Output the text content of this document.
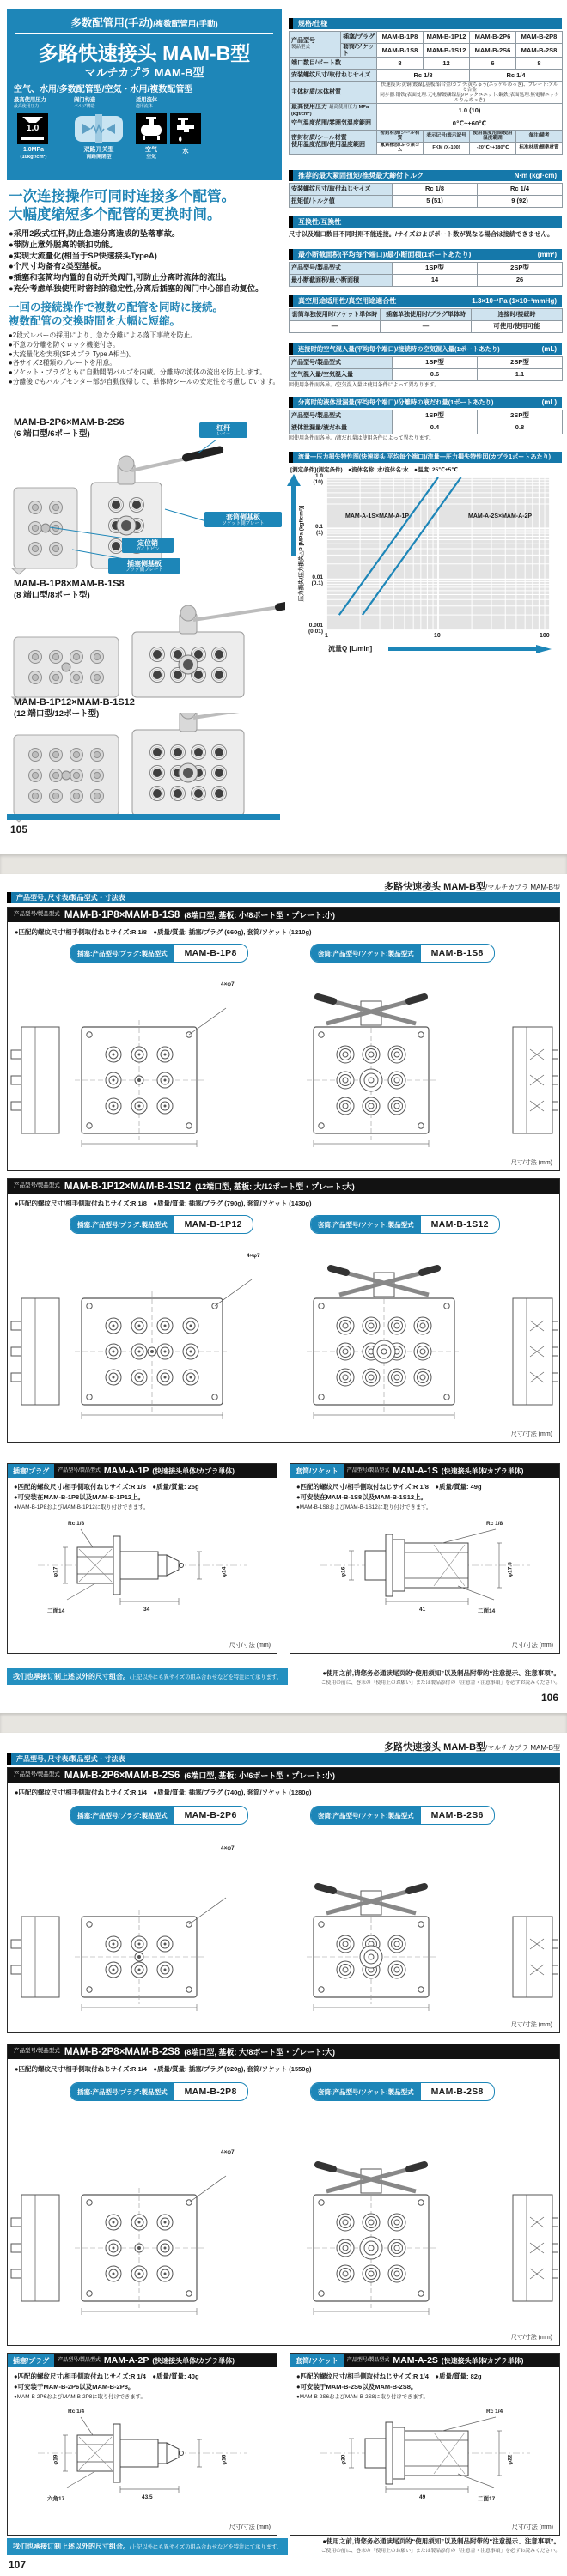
多数配管用(手动)/複数配管用(手動)
多路快速接头 MAM-B型
マルチカプラ MAM-B型
空气、水用/多数配管型/空気・水用/複数配管型
最高使用压力
最高使用圧力
1.0
1.0MPa
(10kgf/cm²)
阀门构造
バルブ構造
双路开关型
両路開閉型
适用流体
適用流体
空气
空気
水
一次连接操作可同时连接多个配管。
大幅度缩短多个配管的更换时间。
●采用2段式杠杆,防止急速分离造成的坠落事故。
●带防止意外脱离的锁扣功能。
●实现大流量化(相当于SP快速接头TypeA)
●个尺寸均备有2类型基板。
●插塞和套筒均内置的自动开关阀门,可防止分离时流体的流出。
●充分考虑单独使用时密封的稳定性,分离后插塞的阀门中心部自动复位。
一回の接続操作で複数の配管を同時に接続。
複数配管の交換時間を大幅に短縮。
●2段式レバーの採用により、急な分離による落下事故を防止。
●不意の分離を防ぐロック機能付き。
●大流量化を実現(SPカプラ Type A相当)。
●各サイズ2種類のプレートを用意。
●ソケット・プラグともに自動開閉バルブを内蔵。分離時の流体の流出を防止します。
●分離後でもバルブセンター部が自動復帰して、単体時シールの安定性を考慮しています。
MAM-B-2P6×MAM-B-2S6
(6 端口型/6ポート型)
MAM-B-1P8×MAM-B-1S8
(8 端口型/8ポート型)
MAM-B-1P12×MAM-B-1S12
(12 端口型/12ポート型)
杠杆
レバー
套筒侧基板
ソケット側プレート
定位销
ガイドピン
插塞侧基板
プラグ側プレート
105
规格/仕様
产品型号
製品型式	插塞/プラグ	MAM-B-1P8	MAM-B-1P12	MAM-B-2P6	MAM-B-2P8
	套筒/ソケット	MAM-B-1S8	MAM-B-1S12	MAM-B-2S6	MAM-B-2S8
端口数目/ポート数		8	12	6	8
安装螺纹尺寸/取付ねじサイズ		Rc 1/8		Rc 1/4	
主体材质/本体材質		快速接头:黄铜(镀镍),基板:铝合金/カプラ:黄ちゅう(ニッケルめっき)、プレート:アルミ合金
同步器:钢铁(表面处理:无电解镀磷镍层)/ロックユニット:鋼鉄(表面処理:無電解ニッケルりんめっき)			
最高使用压力 最高使用圧力 MPa (kgf/cm²)		1.0 (10)			
空气温度范围/雰囲気温度範囲		0℃~+60℃			
密封材质/シール材質
使用温度范围/使用温度範囲		密封材质/シール材質	表示记号/表示記号	使用温度范围/使用温度範囲	备注/備考
		氟素橡胶/ふっ素ゴム	FKM (X-100)	-20℃~+180℃	标准材质/標準材質
推荐的最大紧固扭矩/推奨最大締付トルク	N·m (kgf·cm)
安装螺纹尺寸/取付ねじサイズ	Rc 1/8	Rc 1/4
扭矩值/トルク値	5 (51)	9 (92)
互换性/互換性
尺寸以及端口数目不同时则不能连接。/サイズおよびポート数が異なる場合は接続できません。
最小断截面积(平均每个端口)/最小断面積(1ポートあたり)	(mm²)
产品型号/製品型式	1SP型	2SP型
最小断截面积/最小断面積	14	26
真空用途适用性/真空用途適合性	1.3×10⁻¹Pa (1×10⁻³mmHg)
套筒单独使用时/ソケット単体時	插塞单独使用时/プラグ単体時	连接时/接続時
―	―	可使用/使用可能
连接时的空气混入量(平均每个端口)/接続時の空気混入量(1ポートあたり)	(mL)
产品型号/製品型式	1SP型	2SP型
空气混入量/空気混入量	0.6	1.1
因使用条件而各异。/空気混入量は使用条件によって異なります。
分离时的液体泄漏量(平均每个端口)/分離時の液だれ量(1ポートあたり)	(mL)
产品型号/製品型式	1SP型	2SP型
液体泄漏量/液だれ量	0.4	0.8
因使用条件而各异。/液だれ量は使用条件によって異なります。
流量—压力损失特性图(快速接头 平均每个端口)/流量—圧力損失特性図(カプラ1ポートあたり)
[测定条件](測定条件)　●流体名称: 水/流体名:水　●温度: 25℃±5℃
压力损失/圧力損失△P [MPa (kgf/cm²)]
1.0
(10)
0.1
(1)
0.01
(0.1)
0.001
(0.01)
MAM-A-1S×MAM-A-1P	MAM-A-2S×MAM-A-2P
1	10	100
流量Q [L/min]
多路快速接头 MAM-B型/マルチカプラ MAM-B型
产品型号, 尺寸表/製品型式・寸法表
产品型号/製品型式 MAM-B-1P8×MAM-B-1S8 (8端口型, 基板: 小/8ポート型・プレート:小)
●匹配的螺纹尺寸/相手側取付ねじサイズ:R 1/8　●质量/質量: 插塞/プラグ (660g), 套筒/ソケット (1210g)
插塞:产品型号/プラグ:製品型式	MAM-B-1P8	套筒:产品型号/ソケット:製品型式	MAM-B-1S8
4×φ7
尺寸/寸法 (mm)
产品型号/製品型式 MAM-B-1P12×MAM-B-1S12 (12端口型, 基板: 大/12ポート型・プレート:大)
●匹配的螺纹尺寸/相手側取付ねじサイズ:R 1/8　●质量/質量: 插塞/プラグ (790g), 套筒/ソケット (1430g)
插塞:产品型号/プラグ:製品型式	MAM-B-1P12	套筒:产品型号/ソケット:製品型式	MAM-B-1S12
4×φ7
尺寸/寸法 (mm)
插塞/プラグ	产品型号/製品型式 MAM-A-1P (快速接头单体/カプラ単体)
●匹配的螺纹尺寸/相手側取付ねじサイズ:R 1/8　●质量/質量: 25g
●可安装在MAM-B-1P8以及MAM-B-1P12上。
●MAM-B-1P8およびMAM-B-1P12に取り付けできます。
Rc 1/8
φ17	φ14
二面14	34
尺寸/寸法 (mm)
套筒/ソケット	产品型号/製品型式 MAM-A-1S (快速接头单体/カプラ単体)
●匹配的螺纹尺寸/相手側取付ねじサイズ:R 1/8　●质量/質量: 49g
●可安装在MAM-B-1S8以及MAM-B-1S12上。
●MAM-B-1S8およびMAM-B-1S12に取り付けできます。
Rc 1/8
φ16	φ17.5
41	二面14
尺寸/寸法 (mm)
我们也承接订制上述以外的尺寸组合。/上記以外にも異サイズの組み合わせなどを特注にて承ります。
●使用之前,请您务必通读尾页的“使用须知”以及制品附带的“注意提示、注意事项”。
ご使用の前に、巻末の「使用上のお願い」または製品添付の「注意書・注意事項」を必ずお読みください。
106
多路快速接头 MAM-B型/マルチカプラ MAM-B型
产品型号, 尺寸表/製品型式・寸法表
产品型号/製品型式 MAM-B-2P6×MAM-B-2S6 (6端口型, 基板: 小/6ポート型・プレート:小)
●匹配的螺纹尺寸/相手側取付ねじサイズ:R 1/4　●质量/質量: 插塞/プラグ (740g), 套筒/ソケット (1280g)
插塞:产品型号/プラグ:製品型式	MAM-B-2P6	套筒:产品型号/ソケット:製品型式	MAM-B-2S6
4×φ7
尺寸/寸法 (mm)
产品型号/製品型式 MAM-B-2P8×MAM-B-2S8 (8端口型, 基板: 大/8ポート型・プレート:大)
●匹配的螺纹尺寸/相手側取付ねじサイズ:R 1/4　●质量/質量: 插塞/プラグ (920g), 套筒/ソケット (1550g)
插塞:产品型号/プラグ:製品型式	MAM-B-2P8	套筒:产品型号/ソケット:製品型式	MAM-B-2S8
4×φ7
尺寸/寸法 (mm)
插塞/プラグ	产品型号/製品型式 MAM-A-2P (快速接头单体/カプラ単体)
●匹配的螺纹尺寸/相手側取付ねじサイズ:R 1/4　●质量/質量: 40g
●可安装于MAM-B-2P6以及MAM-B-2P8。
●MAM-B-2P6およびMAM-B-2P8に取り付けできます。
Rc 1/4
φ19	φ16
六角17	43.5
尺寸/寸法 (mm)
套筒/ソケット	产品型号/製品型式 MAM-A-2S (快速接头单体/カプラ単体)
●匹配的螺纹尺寸/相手側取付ねじサイズ:R 1/4　●质量/質量: 82g
●可安装于MAM-B-2S6以及MAM-B-2S8。
●MAM-B-2S6およびMAM-B-2S8に取り付けできます。
Rc 1/4
φ20	φ22
49	二面17
尺寸/寸法 (mm)
我们也承接订制上述以外的尺寸组合。/上記以外にも異サイズの組み合わせなどを特注にて承ります。
●使用之前,请您务必通读尾页的“使用须知”以及制品附带的“注意提示、注意事项”。
ご使用の前に、巻末の「使用上のお願い」または製品添付の「注意書・注意事項」を必ずお読みください。
107
